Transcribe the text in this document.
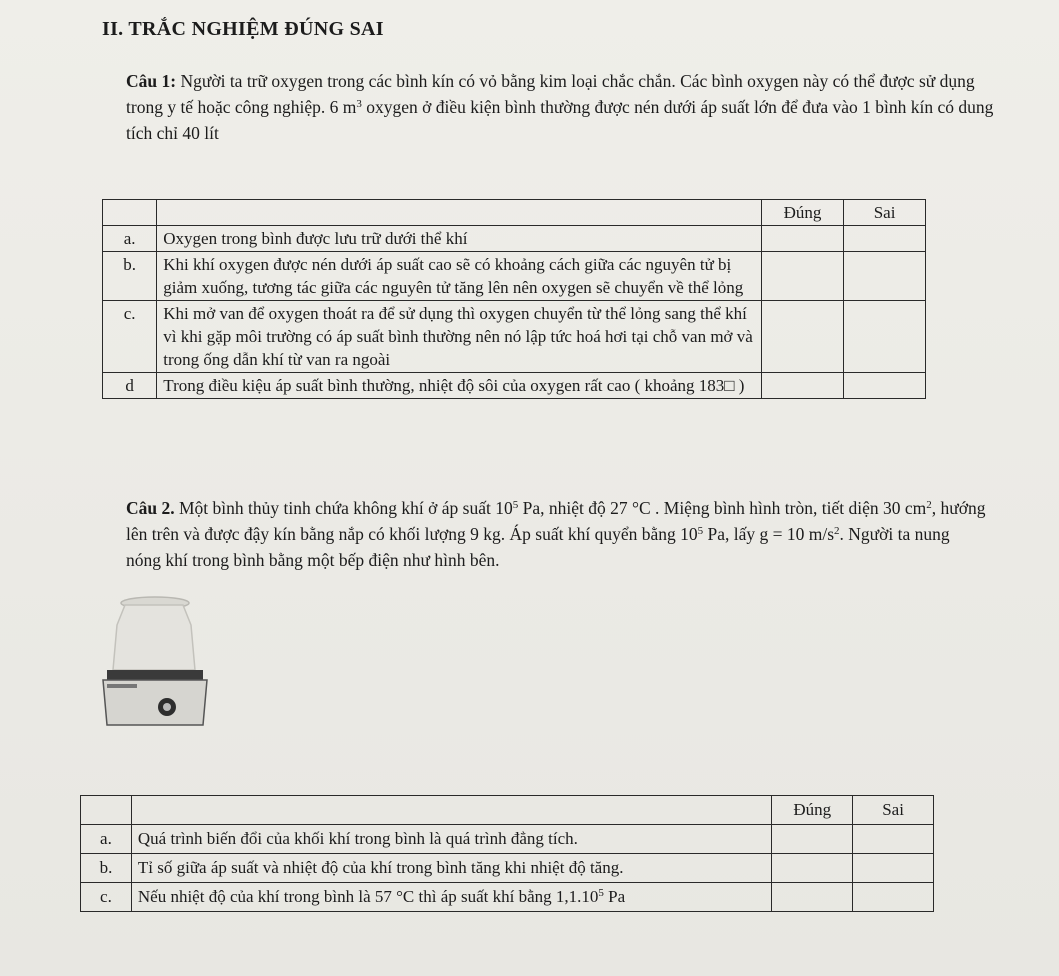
II. TRẮC NGHIỆM ĐÚNG SAI
Câu 1: Người ta trữ oxygen trong các bình kín có vỏ bằng kim loại chắc chắn. Các bình oxygen này có thể được sử dụng trong y tế hoặc công nghiệp. 6 $m^3$ oxygen ở điều kiện bình thường được nén dưới áp suất lớn để đưa vào 1 bình kín có dung tích chỉ 40 lít
		Đúng	Sai
a.	Oxygen trong bình được lưu trữ dưới thể khí		
b.	Khi khí oxygen được nén dưới áp suất cao sẽ có khoảng cách giữa các nguyên tử bị giảm xuống, tương tác giữa các nguyên tử tăng lên nên oxygen sẽ chuyển về thể lỏng		
c.	Khi mở van để oxygen thoát ra để sử dụng thì oxygen chuyển từ thể lỏng sang thể khí vì khi gặp môi trường có áp suất bình thường nên nó lập tức hoá hơi tại chỗ van mở và trong ống dẫn khí từ van ra ngoài		
d	Trong điều kiệu áp suất bình thường, nhiệt độ sôi của oxygen rất cao ( khoảng 183□ )		
Câu 2. Một bình thủy tinh chứa không khí ở áp suất $10^5$ Pa, nhiệt độ 27 °C . Miệng bình hình tròn, tiết diện 30 $cm^2$, hướng lên trên và được đậy kín bằng nắp có khối lượng 9 kg. Áp suất khí quyển bằng $10^5$ Pa, lấy g = 10 $m/s^2$. Người ta nung nóng khí trong bình bằng một bếp điện như hình bên.
		Đúng	Sai
a.	Quá trình biến đổi của khối khí trong bình là quá trình đẳng tích.		
b.	Tỉ số giữa áp suất và nhiệt độ của khí trong bình tăng khi nhiệt độ tăng.		
c.	Nếu nhiệt độ của khí trong bình là 57 °C thì áp suất khí bằng 1,1.10$^5$ Pa		
